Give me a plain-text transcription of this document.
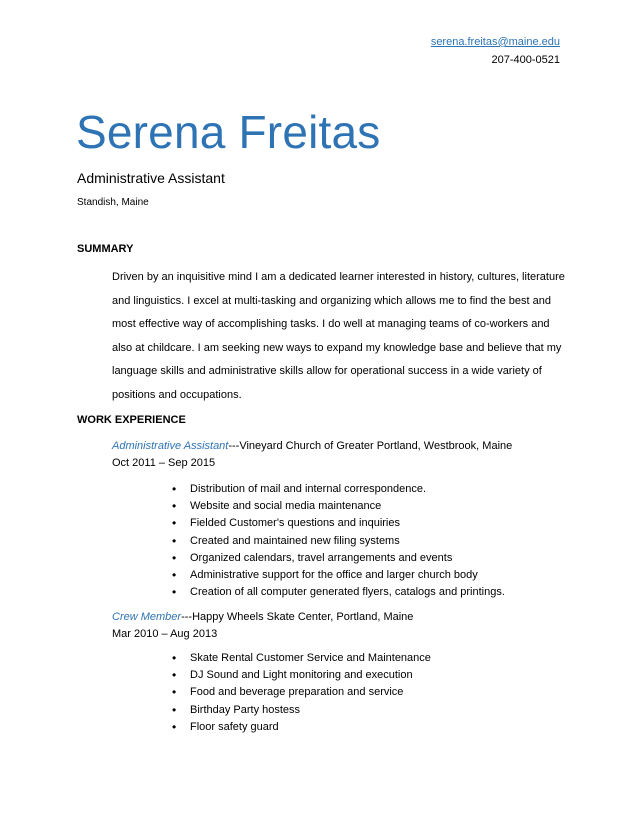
serena.freitas@maine.edu
207-400-0521
Serena Freitas
Administrative Assistant
Standish, Maine
SUMMARY
Driven by an inquisitive mind I am a dedicated learner interested in history, cultures, literature and linguistics. I excel at multi-tasking and organizing which allows me to find the best and most effective way of accomplishing tasks. I do well at managing teams of co-workers and also at childcare. I am seeking new ways to expand my knowledge base and believe that my language skills and administrative skills allow for operational success in a wide variety of positions and occupations.
WORK EXPERIENCE
Administrative Assistant---Vineyard Church of Greater Portland, Westbrook, Maine
Oct 2011 – Sep 2015
• Distribution of mail and internal correspondence.
• Website and social media maintenance
• Fielded Customer's questions and inquiries
• Created and maintained new filing systems
• Organized calendars, travel arrangements and events
• Administrative support for the office and larger church body
• Creation of all computer generated flyers, catalogs and printings.
Crew Member---Happy Wheels Skate Center, Portland, Maine
Mar 2010 – Aug 2013
• Skate Rental Customer Service and Maintenance
• DJ Sound and Light monitoring and execution
• Food and beverage preparation and service
• Birthday Party hostess
• Floor safety guard
